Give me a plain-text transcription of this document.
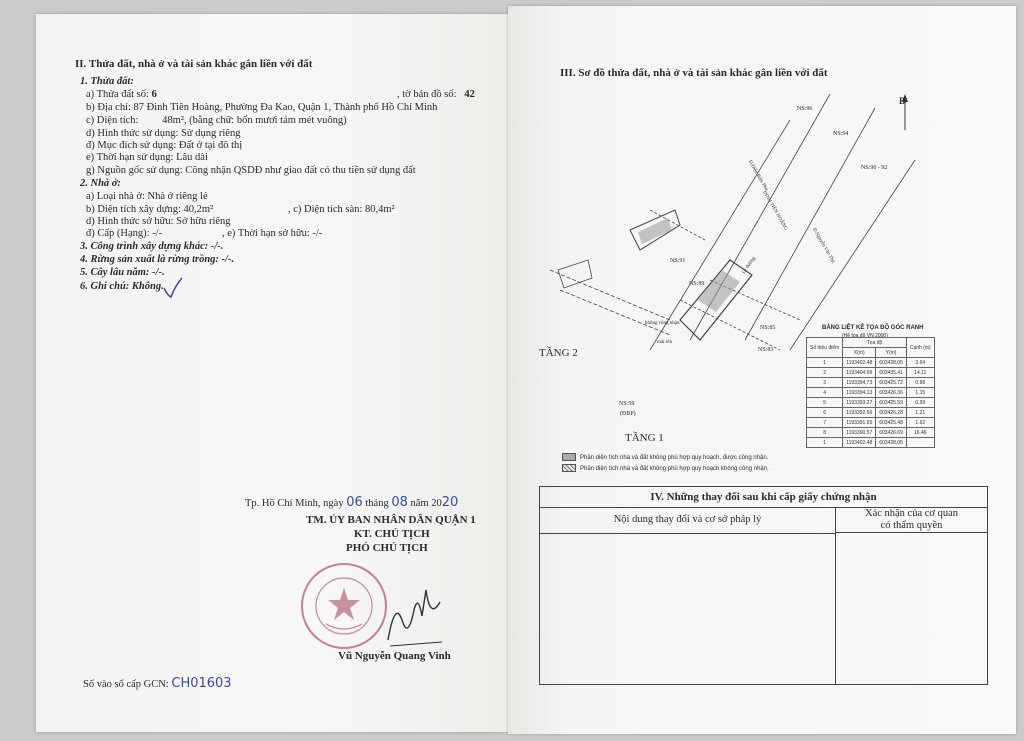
II. Thửa đất, nhà ở và tài sản khác gắn liền với đất
1. Thửa đất:
a) Thửa đất số: 6	, tờ bản đồ số: 42
b) Địa chỉ: 87 Đinh Tiên Hoàng, Phường Đa Kao, Quận 1, Thành phố Hồ Chí Minh
c) Diện tích: 48m², (bằng chữ: bốn mươi tám mét vuông)
d) Hình thức sử dụng: Sử dụng riêng
đ) Mục đích sử dụng: Đất ở tại đô thị
e) Thời hạn sử dụng: Lâu dài
g) Nguồn gốc sử dụng: Công nhận QSDĐ như giao đất có thu tiền sử dụng đất
2. Nhà ở:
a) Loại nhà ở: Nhà ở riêng lẻ
b) Diện tích xây dựng: 40,2m²	, c) Diện tích sàn: 80,4m²
d) Hình thức sở hữu: Sở hữu riêng
đ) Cấp (Hạng): -/-	, e) Thời hạn sở hữu: -/-
3. Công trình xây dựng khác: -/-.
4. Rừng sản xuất là rừng trồng: -/-.
5. Cây lâu năm: -/-.
6. Ghi chú: Không.
Tp. Hồ Chí Minh, ngày 06 tháng 08 năm 2020
TM. ỦY BAN NHÂN DÂN QUẬN 1
KT. CHỦ TỊCH
PHÓ CHỦ TỊCH
Vũ Nguyễn Quang Vinh
Số vào sổ cấp GCN: CH01603
III. Sơ đồ thửa đất, nhà ở và tài sản khác gắn liền với đất
B
NS:96
NS:94
NS:90 - 92
NS:91
NS:89
NS:85
NS:83
NS:59
(ĐBP)
không công nhận
mái tôn
Lề đường
Đ.Điện Biên Phủ
ĐINH TIÊN HOÀNG
Đ.Nguyễn Văn Thủ
TẦNG 2
TẦNG 1
Phần diện tích nhà và đất không phù hợp quy hoạch, được công nhận.
Phần diện tích nhà và đất không phù hợp quy hoạch không công nhận.
BẢNG LIỆT KÊ TỌA ĐỘ GÓC RANH
(Hệ tọa độ VN 2000)
Số hiệu điểm	Tọa độ		Cạnh (m)
	X(m)	Y(m)	
1	1193402.48	603438.05	3.64
2	1193404.99	603435.41	14.11
3	1193394.73	603425.72	0.88
4	1193394.13	603426.36	1.15
5	1193393.27	603425.59	0.99
6	1193392.56	603426.28	1.21
7	1193391.65	603425.48	1.62
8	1193390.57	603426.69	16.46
1	1193402.48	603438.05	
IV. Những thay đổi sau khi cấp giấy chứng nhận
Nội dung thay đổi và cơ sở pháp lý
Xác nhận của cơ quan
có thẩm quyền
